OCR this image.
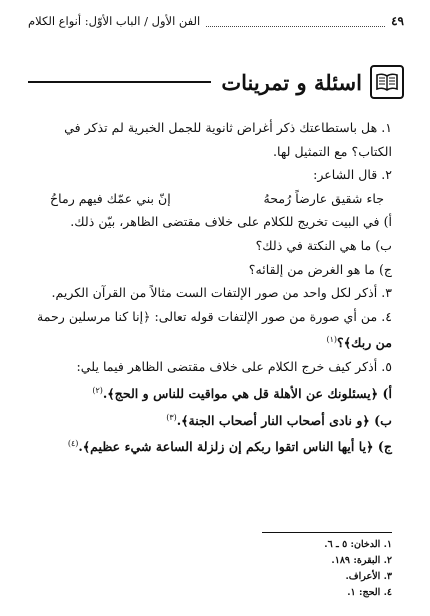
٤٩
الفن الأول / الباب الأوّل: أنواع الكلام
اسئلة و تمرينات

١. هل باستطاعتك ذكر أغراض ثانوية للجمل الخبرية لم تذكر في

الكتاب؟ مع التمثيل لها.

٢. قال الشاعر:

جاء شقيق عارضاً رُمحهُ
إنّ بني عمّك فيهم رماحُ

أ) في البيت تخريج للكلام على خلاف مقتضى الظاهر، بيّن ذلك.

ب) ما هي النكتة في ذلك؟

ج) ما هو الغرض من إلقائه؟

٣. أذكر لكل واحد من صور الإلتفات الست مثالاً من القرآن الكريم.

٤. من أي صورة من صور الإلتفات قوله تعالى: ﴿إنا كنا مرسلين رحمة

من ربك﴾؟$^{(١)}$

٥. أذكر كيف خرج الكلام على خلاف مقتضى الظاهر فيما يلي:

أ) ﴿يسئلونك عن الأهلة قل هي مواقيت للناس و الحج﴾.$^{(٢)}$

ب) ﴿و نادى أصحاب النار أصحاب الجنة﴾.$^{(٣)}$

ج) ﴿يا أيها الناس اتقوا ربكم إن زلزلة الساعة شيء عظيم﴾.$^{(٤)}$

١. الدخان: ٥ ـ ٦.
٢. البقرة: ١٨٩.
٣. الأعراف.
٤. الحج: ١.
